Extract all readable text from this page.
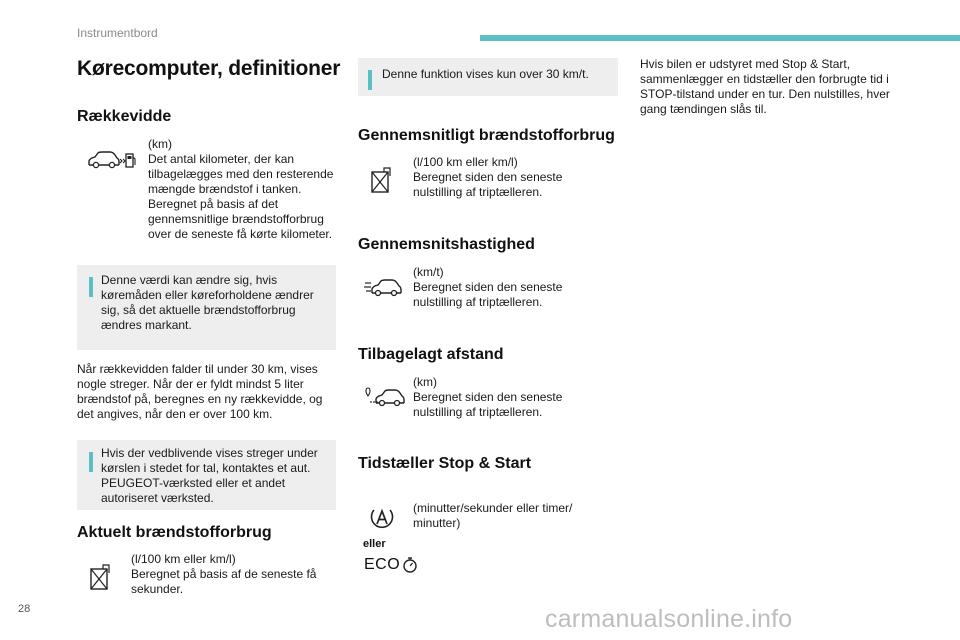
Instrumentbord
Kørecomputer, definitioner
Rækkevidde
(km)
Det antal kilometer, der kan tilbagelægges med den resterende mængde brændstof i tanken. Beregnet på basis af det gennemsnitlige brændstofforbrug over de seneste få kørte kilometer.
Denne værdi kan ændre sig, hvis køremåden eller køreforholdene ændrer sig, så det aktuelle brændstofforbrug ændres markant.
Når rækkevidden falder til under 30 km, vises nogle streger. Når der er fyldt mindst 5 liter brændstof på, beregnes en ny rækkevidde, og det angives, når den er over 100 km.
Hvis der vedblivende vises streger under kørslen i stedet for tal, kontaktes et aut. PEUGEOT-værksted eller et andet autoriseret værksted.
Aktuelt brændstofforbrug
(l/100 km eller km/l)
Beregnet på basis af de seneste få sekunder.
Denne funktion vises kun over 30 km/t.
Gennemsnitligt brændstofforbrug
(l/100 km eller km/l)
Beregnet siden den seneste nulstilling af triptælleren.
Gennemsnitshastighed
(km/t)
Beregnet siden den seneste nulstilling af triptælleren.
Tilbagelagt afstand
(km)
Beregnet siden den seneste nulstilling af triptælleren.
Tidstæller Stop & Start
eller
ECO
(minutter/sekunder eller timer/ minutter)
Hvis bilen er udstyret med Stop & Start, sammenlægger en tidstæller den forbrugte tid i STOP-tilstand under en tur. Den nulstilles, hver gang tændingen slås til.
28	carmanualsonline.info
